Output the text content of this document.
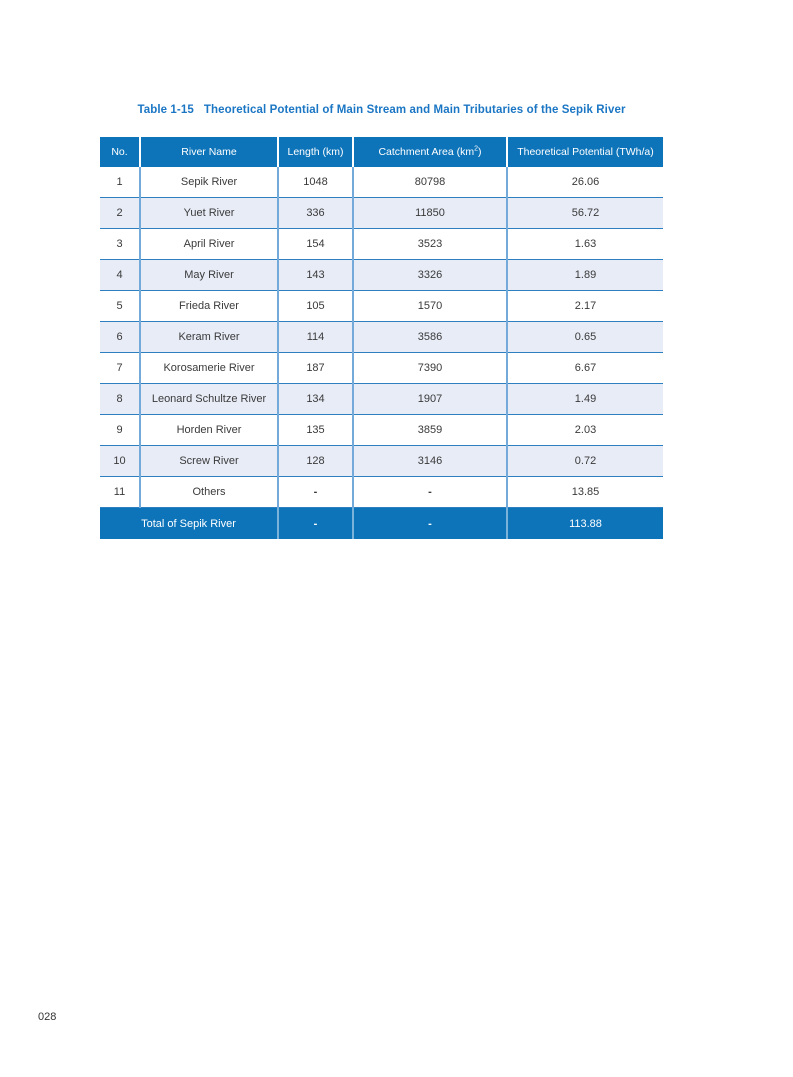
Table 1-15 Theoretical Potential of Main Stream and Main Tributaries of the Sepik River
No.	River Name	Length (km)	Catchment Area $(km^2)$	Theoretical Potential (TWh/a)
1	Sepik River	1048	80798	26.06
2	Yuet River	336	11850	56.72
3	April River	154	3523	1.63
4	May River	143	3326	1.89
5	Frieda River	105	1570	2.17
6	Keram River	114	3586	0.65
7	Korosamerie River	187	7390	6.67
8	Leonard Schultze River	134	1907	1.49
9	Horden River	135	3859	2.03
10	Screw River	128	3146	0.72
11	Others	-	-	13.85
Total of Sepik River		-	-	113.88
028
